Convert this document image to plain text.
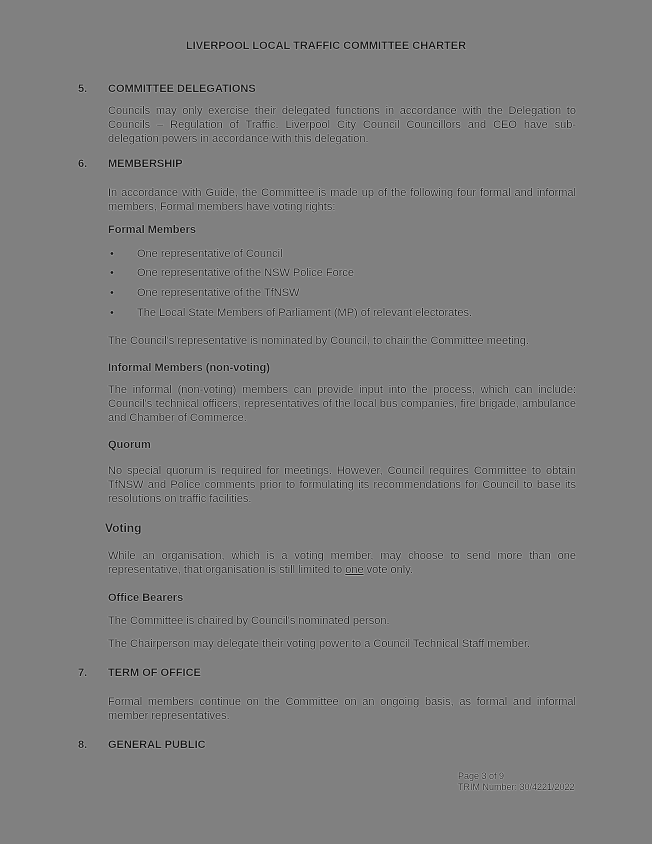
LIVERPOOL LOCAL TRAFFIC COMMITTEE CHARTER
5. COMMITTEE DELEGATIONS
Councils may only exercise their delegated functions in accordance with the Delegation to Councils – Regulation of Traffic. Liverpool City Council Councillors and CEO have sub-delegation powers in accordance with this delegation.
6. MEMBERSHIP
In accordance with Guide, the Committee is made up of the following four formal and informal members, Formal members have voting rights:
Formal Members
• One representative of Council
• One representative of the NSW Police Force
• One representative of the TfNSW
• The Local State Members of Parliament (MP) of relevant electorates.
The Council's representative is nominated by Council, to chair the Committee meeting.
Informal Members (non-voting)
The informal (non-voting) members can provide input into the process, which can include: Council's technical officers, representatives of the local bus companies, fire brigade, ambulance and Chamber of Commerce.
Quorum
No special quorum is required for meetings. However, Council requires Committee to obtain TfNSW and Police comments prior to formulating its recommendations for Council to base its resolutions on traffic facilities.
Voting
While an organisation, which is a voting member, may choose to send more than one representative, that organisation is still limited to one vote only.
Office Bearers
The Committee is chaired by Council's nominated person.
The Chairperson may delegate their voting power to a Council Technical Staff member.
7. TERM OF OFFICE
Formal members continue on the Committee on an ongoing basis, as formal and informal member representatives.
8. GENERAL PUBLIC
Page 3 of 9
TRIM Number: 30/4221/2022
